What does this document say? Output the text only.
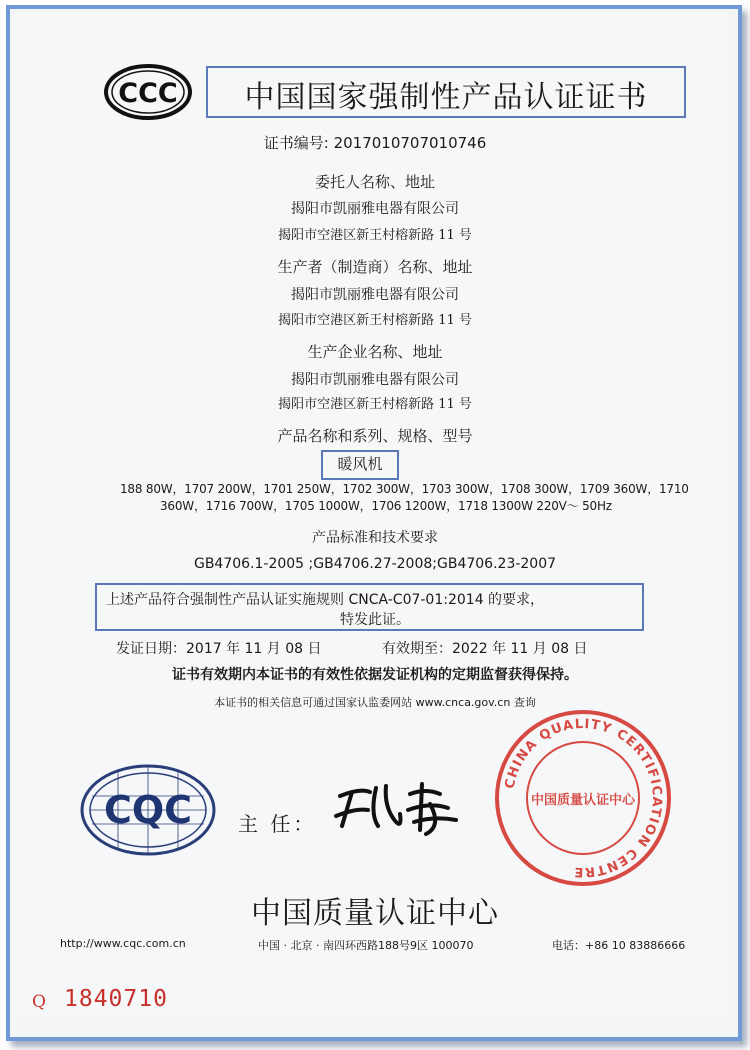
CCC	中国国家强制性产品认证证书
证书编号: 2017010707010746
委托人名称、地址
揭阳市凯丽雅电器有限公司
揭阳市空港区新王村榕新路 11 号
生产者（制造商）名称、地址
揭阳市凯丽雅电器有限公司
揭阳市空港区新王村榕新路 11 号
生产企业名称、地址
揭阳市凯丽雅电器有限公司
揭阳市空港区新王村榕新路 11 号
产品名称和系列、规格、型号
暖风机
188 80W，1707 200W，1701 250W，1702 300W，1703 300W，1708 300W，1709 360W，1710
360W，1716 700W，1705 1000W，1706 1200W，1718 1300W 220V～ 50Hz
产品标准和技术要求
GB4706.1-2005 ;GB4706.27-2008;GB4706.23-2007
上述产品符合强制性产品认证实施规则 CNCA-C07-01:2014 的要求，
特发此证。
发证日期：2017 年 11 月 08 日	有效期至：2022 年 11 月 08 日
证书有效期内本证书的有效性依据发证机构的定期监督获得保持。
本证书的相关信息可通过国家认监委网站 www.cnca.gov.cn 查询
CQC 主 任：
CHINA QUALITY CERTIFICATION CENTRE
中国质量认证中心
中国质量认证中心
http://www.cqc.com.cn	中国 · 北京 · 南四环西路188号9区 100070	电话：+86 10 83886666
Q 1840710
